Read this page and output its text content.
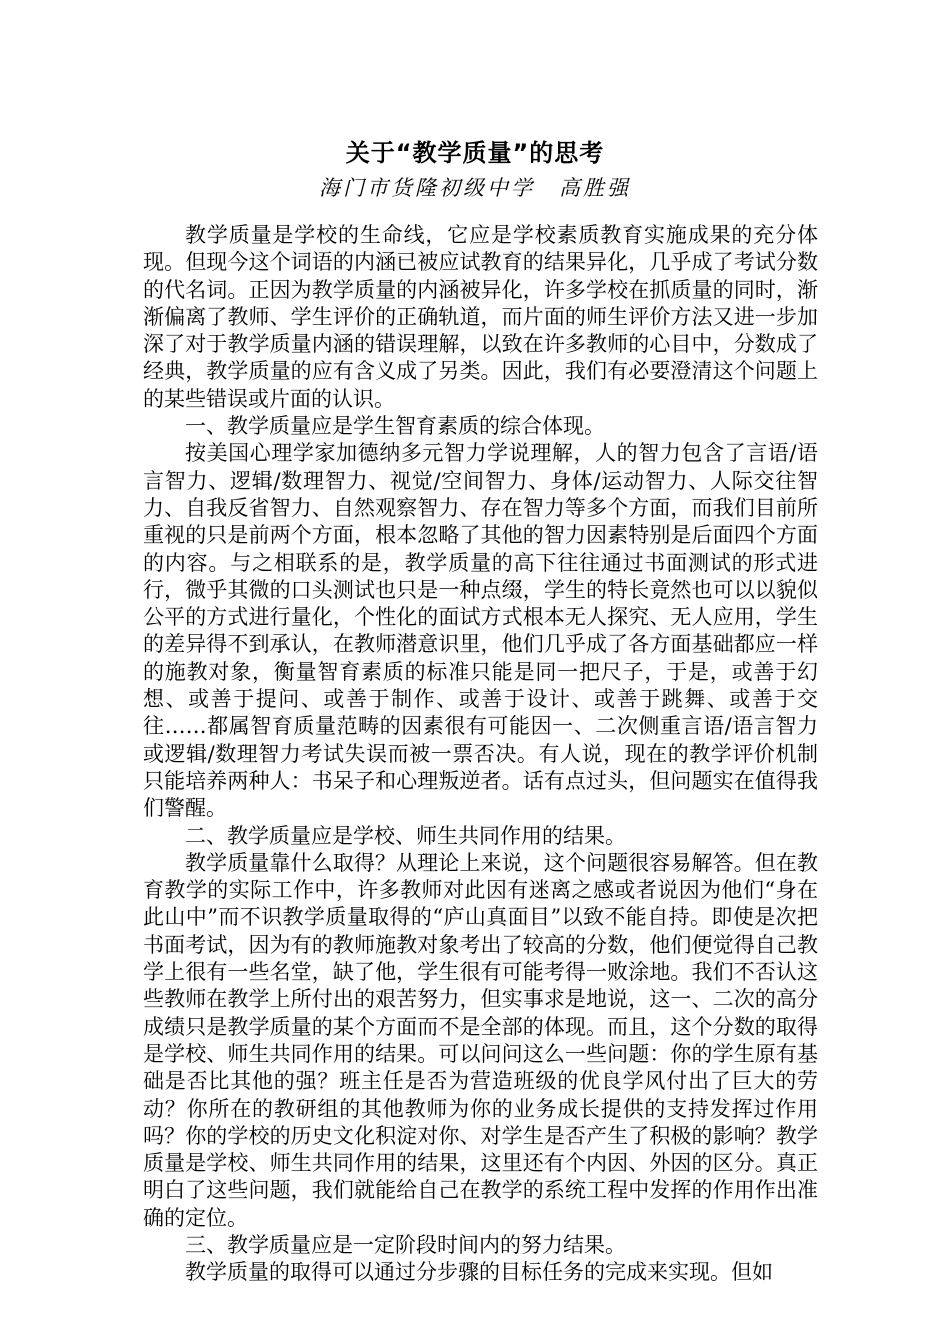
关于“教学质量”的思考
海门市货隆初级中学　高胜强

教学质量是学校的生命线，它应是学校素质教育实施成果的充分体现。但现今这个词语的内涵已被应试教育的结果异化，几乎成了考试分数的代名词。正因为教学质量的内涵被异化，许多学校在抓质量的同时，渐渐偏离了教师、学生评价的正确轨道，而片面的师生评价方法又进一步加深了对于教学质量内涵的错误理解，以致在许多教师的心目中，分数成了经典，教学质量的应有含义成了另类。因此，我们有必要澄清这个问题上的某些错误或片面的认识。

一、教学质量应是学生智育素质的综合体现。

按美国心理学家加德纳多元智力学说理解，人的智力包含了言语/语言智力、逻辑/数理智力、视觉/空间智力、身体/运动智力、人际交往智力、自我反省智力、自然观察智力、存在智力等多个方面，而我们目前所重视的只是前两个方面，根本忽略了其他的智力因素特别是后面四个方面的内容。与之相联系的是，教学质量的高下往往通过书面测试的形式进行，微乎其微的口头测试也只是一种点缀，学生的特长竟然也可以以貌似公平的方式进行量化，个性化的面试方式根本无人探究、无人应用，学生的差异得不到承认，在教师潜意识里，他们几乎成了各方面基础都应一样的施教对象，衡量智育素质的标准只能是同一把尺子，于是，或善于幻想、或善于提问、或善于制作、或善于设计、或善于跳舞、或善于交往……都属智育质量范畴的因素很有可能因一、二次侧重言语/语言智力或逻辑/数理智力考试失误而被一票否决。有人说，现在的教学评价机制只能培养两种人：书呆子和心理叛逆者。话有点过头，但问题实在值得我们警醒。

二、教学质量应是学校、师生共同作用的结果。

教学质量靠什么取得？从理论上来说，这个问题很容易解答。但在教育教学的实际工作中，许多教师对此因有迷离之感或者说因为他们“身在此山中”而不识教学质量取得的“庐山真面目”以致不能自持。即使是次把书面考试，因为有的教师施教对象考出了较高的分数，他们便觉得自己教学上很有一些名堂，缺了他，学生很有可能考得一败涂地。我们不否认这些教师在教学上所付出的艰苦努力，但实事求是地说，这一、二次的高分成绩只是教学质量的某个方面而不是全部的体现。而且，这个分数的取得是学校、师生共同作用的结果。可以问问这么一些问题：你的学生原有基础是否比其他的强？班主任是否为营造班级的优良学风付出了巨大的劳动？你所在的教研组的其他教师为你的业务成长提供的支持发挥过作用吗？你的学校的历史文化积淀对你、对学生是否产生了积极的影响？教学质量是学校、师生共同作用的结果，这里还有个内因、外因的区分。真正明白了这些问题，我们就能给自己在教学的系统工程中发挥的作用作出准确的定位。

三、教学质量应是一定阶段时间内的努力结果。

教学质量的取得可以通过分步骤的目标任务的完成来实现。但如
